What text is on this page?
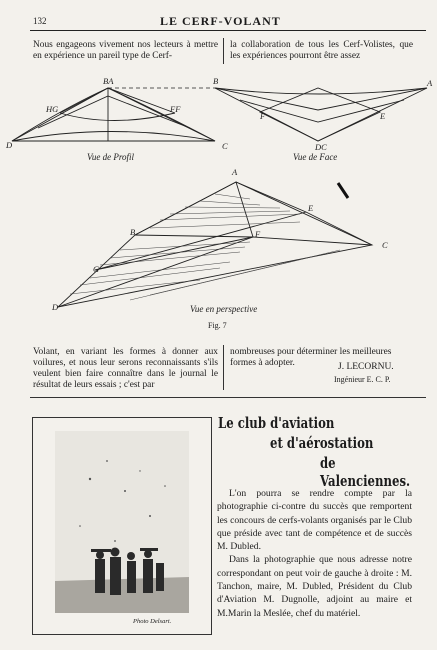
132	LE CERF-VOLANT
Nous engageons vivement nos lecteurs à mettre en expérience un pareil type de Cerf-
la collaboration de tous les Cerf-Volistes, que les expériences pourront être assez
BA	B	A
HG	FF
D	C
F	E
DC
Vue de Profil	Vue de Face
A
E
B	F
G
C
D	Vue en perspective
Fig. 7
Volant, en variant les formes à donner aux voilures, et nous leur serons reconnaissants s'ils veulent bien faire connaître dans le journal le résultat de leurs essais ; c'est par
nombreuses pour déterminer les meilleures formes à adopter.	J. LECORNU.
Ingénieur E. C. P.
Photo Delsart.
Le club d'aviation
et d'aérostation
de Valenciennes.

L'on pourra se rendre compte par la photographie ci-contre du succès que remportent les concours de cerfs-volants organisés par le Club que préside avec tant de compétence et de succès M. Dubled.

Dans la photographie que nous adresse notre correspondant on peut voir de gauche à droite : M. Tanchon, maire, M. Dubled, Président du Club d'Aviation M. Dugnolle, adjoint au maire et M.Marin la Meslée, chef du matériel.
